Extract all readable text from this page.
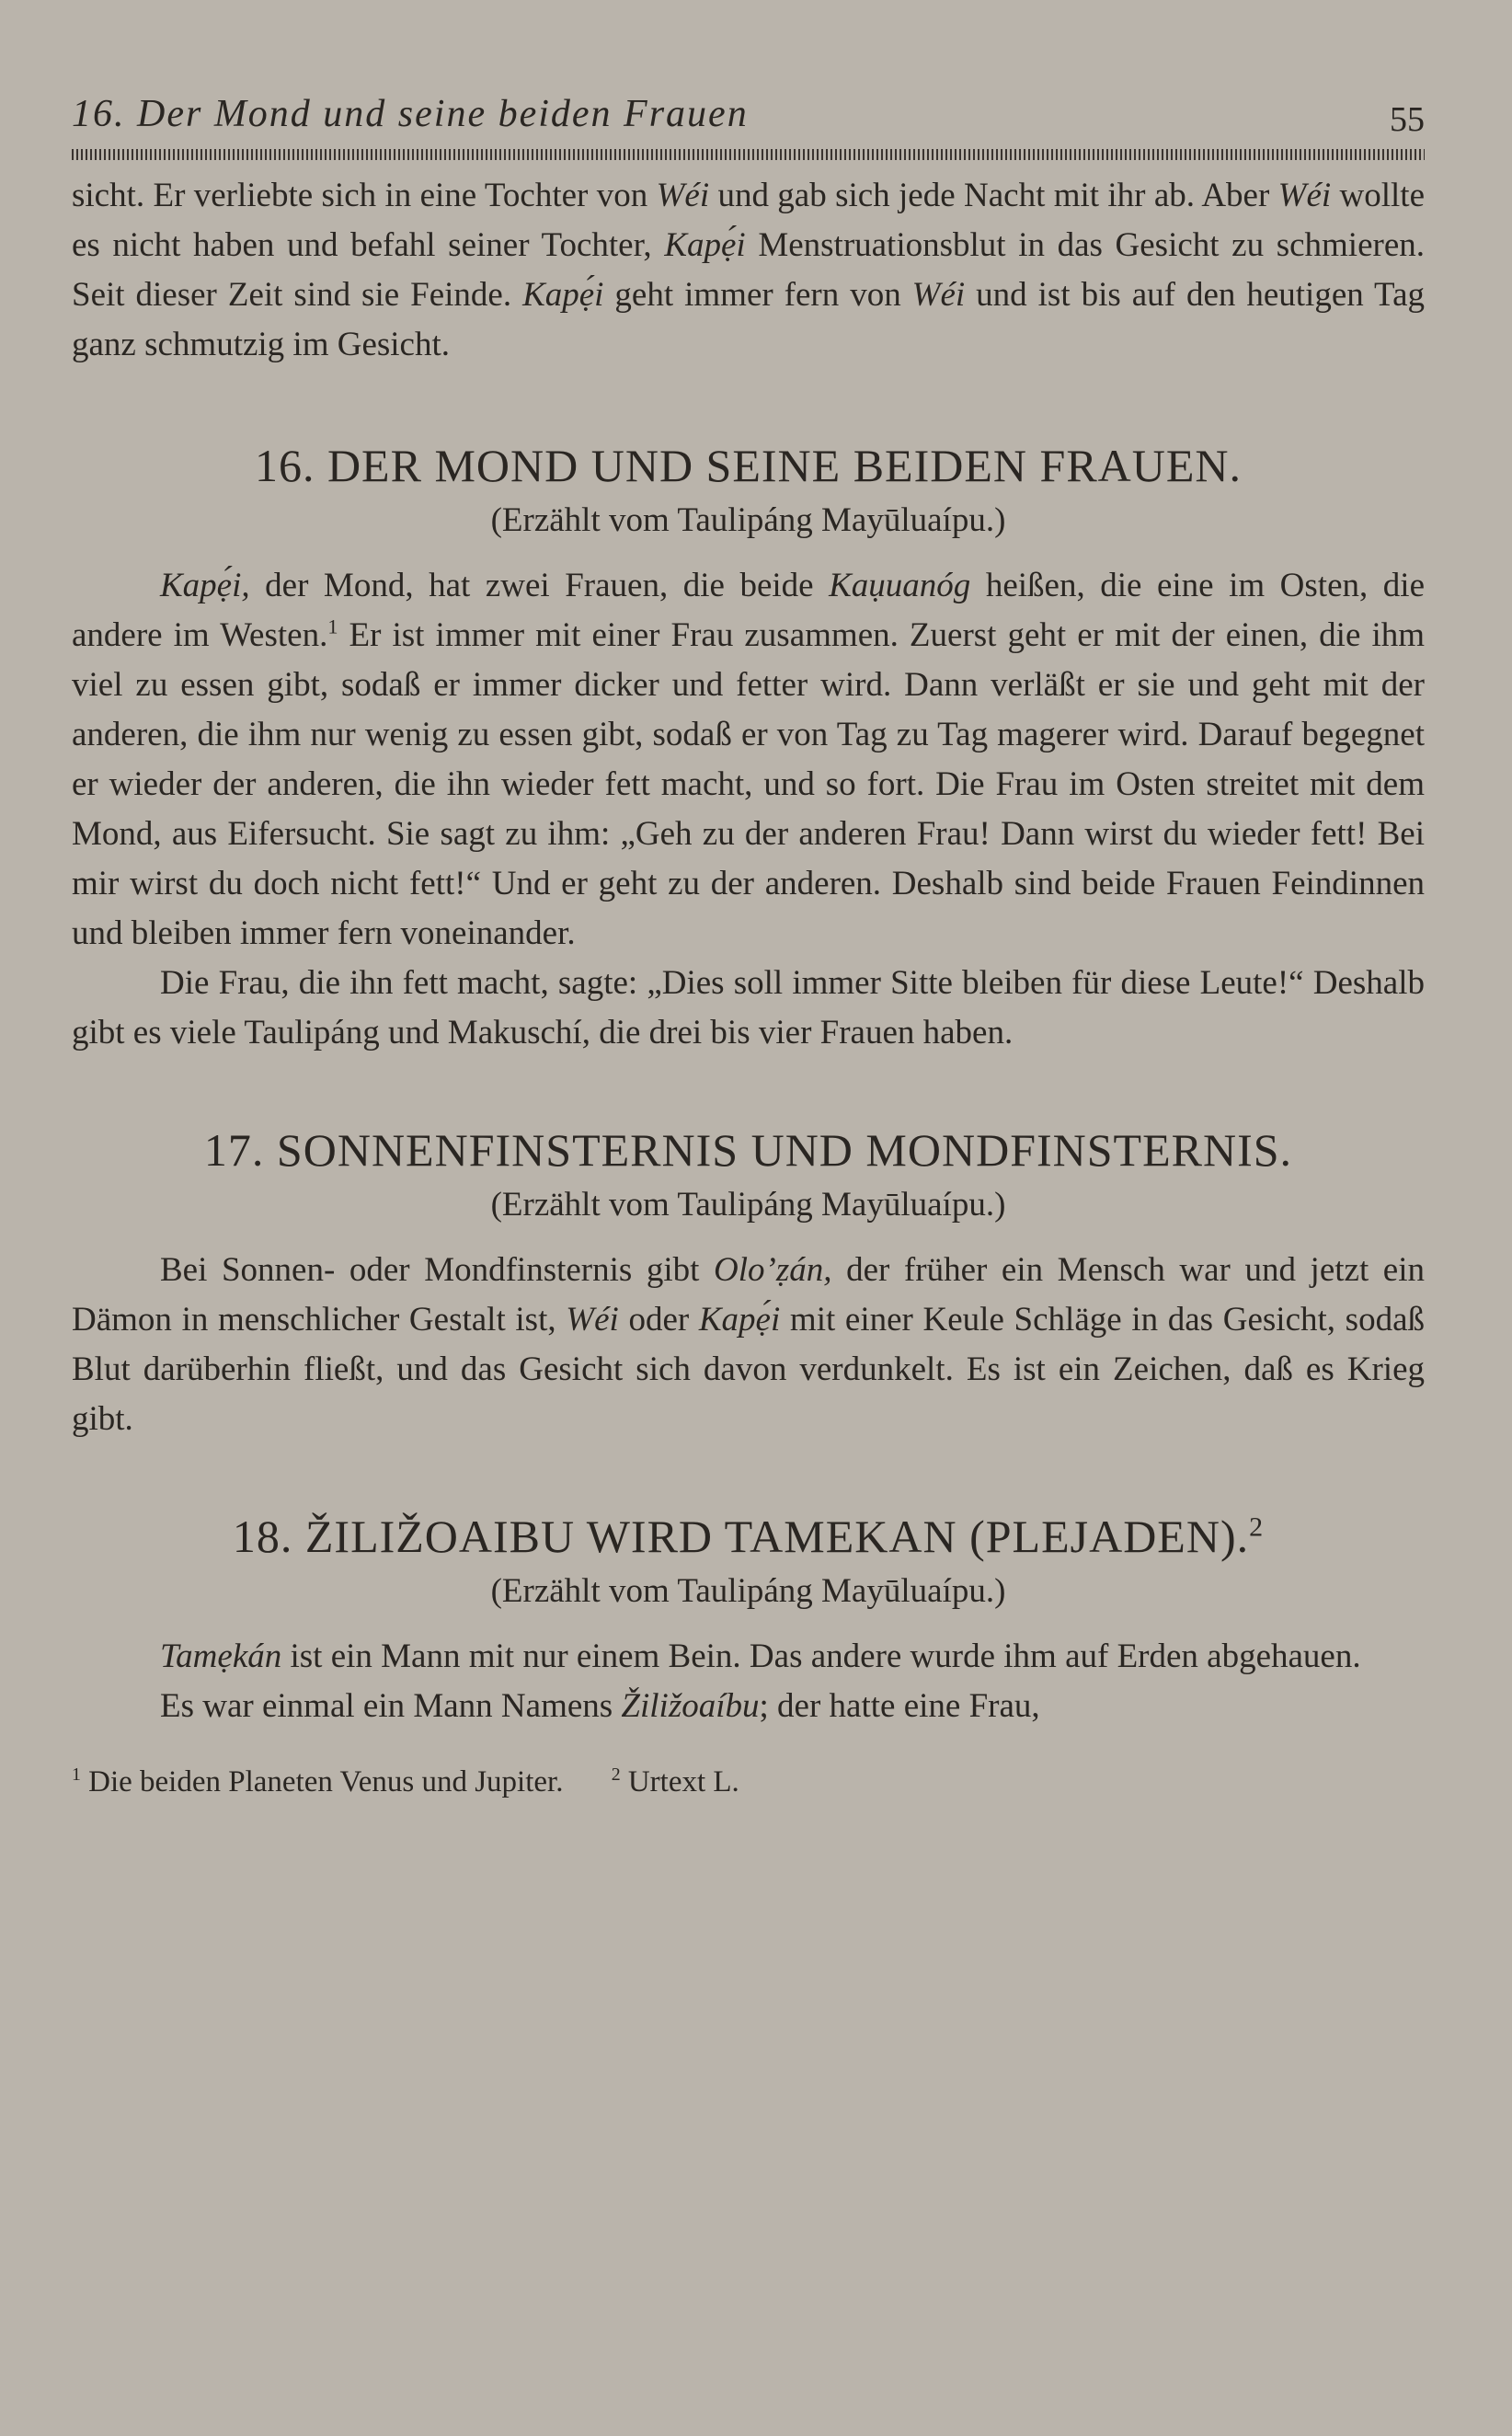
16. Der Mond und seine beiden Frauen	55

sicht. Er verliebte sich in eine Tochter von Wéi und gab sich jede Nacht mit ihr ab. Aber Wéi wollte es nicht haben und befahl seiner Tochter, Kapẹ́i Menstruationsblut in das Gesicht zu schmieren. Seit dieser Zeit sind sie Feinde. Kapẹ́i geht immer fern von Wéi und ist bis auf den heutigen Tag ganz schmutzig im Gesicht.

16. DER MOND UND SEINE BEIDEN FRAUEN.
(Erzählt vom Taulipáng Mayūluaípu.)

Kapẹ́i, der Mond, hat zwei Frauen, die beide Kaụuanóg heißen, die eine im Osten, die andere im Westen.$^1$ Er ist immer mit einer Frau zusammen. Zuerst geht er mit der einen, die ihm viel zu essen gibt, sodaß er immer dicker und fetter wird. Dann verläßt er sie und geht mit der anderen, die ihm nur wenig zu essen gibt, sodaß er von Tag zu Tag magerer wird. Darauf begegnet er wieder der anderen, die ihn wieder fett macht, und so fort. Die Frau im Osten streitet mit dem Mond, aus Eifersucht. Sie sagt zu ihm: „Geh zu der anderen Frau! Dann wirst du wieder fett! Bei mir wirst du doch nicht fett!“ Und er geht zu der anderen. Deshalb sind beide Frauen Feindinnen und bleiben immer fern voneinander.

Die Frau, die ihn fett macht, sagte: „Dies soll immer Sitte bleiben für diese Leute!“ Deshalb gibt es viele Taulipáng und Makuschí, die drei bis vier Frauen haben.

17. SONNENFINSTERNIS UND MONDFINSTERNIS.
(Erzählt vom Taulipáng Mayūluaípu.)

Bei Sonnen- oder Mondfinsternis gibt Olo’ẓán, der früher ein Mensch war und jetzt ein Dämon in menschlicher Gestalt ist, Wéi oder Kapẹ́i mit einer Keule Schläge in das Gesicht, sodaß Blut darüberhin fließt, und das Gesicht sich davon verdunkelt. Es ist ein Zeichen, daß es Krieg gibt.

18. ŽILIŽOAIBU WIRD TAMEKAN (PLEJADEN).$^2$
(Erzählt vom Taulipáng Mayūluaípu.)

Tamẹkán ist ein Mann mit nur einem Bein. Das andere wurde ihm auf Erden abgehauen.

Es war einmal ein Mann Namens Žiližoaíbu; der hatte eine Frau,

$^1$ Die beiden Planeten Venus und Jupiter.	$^2$ Urtext L.
